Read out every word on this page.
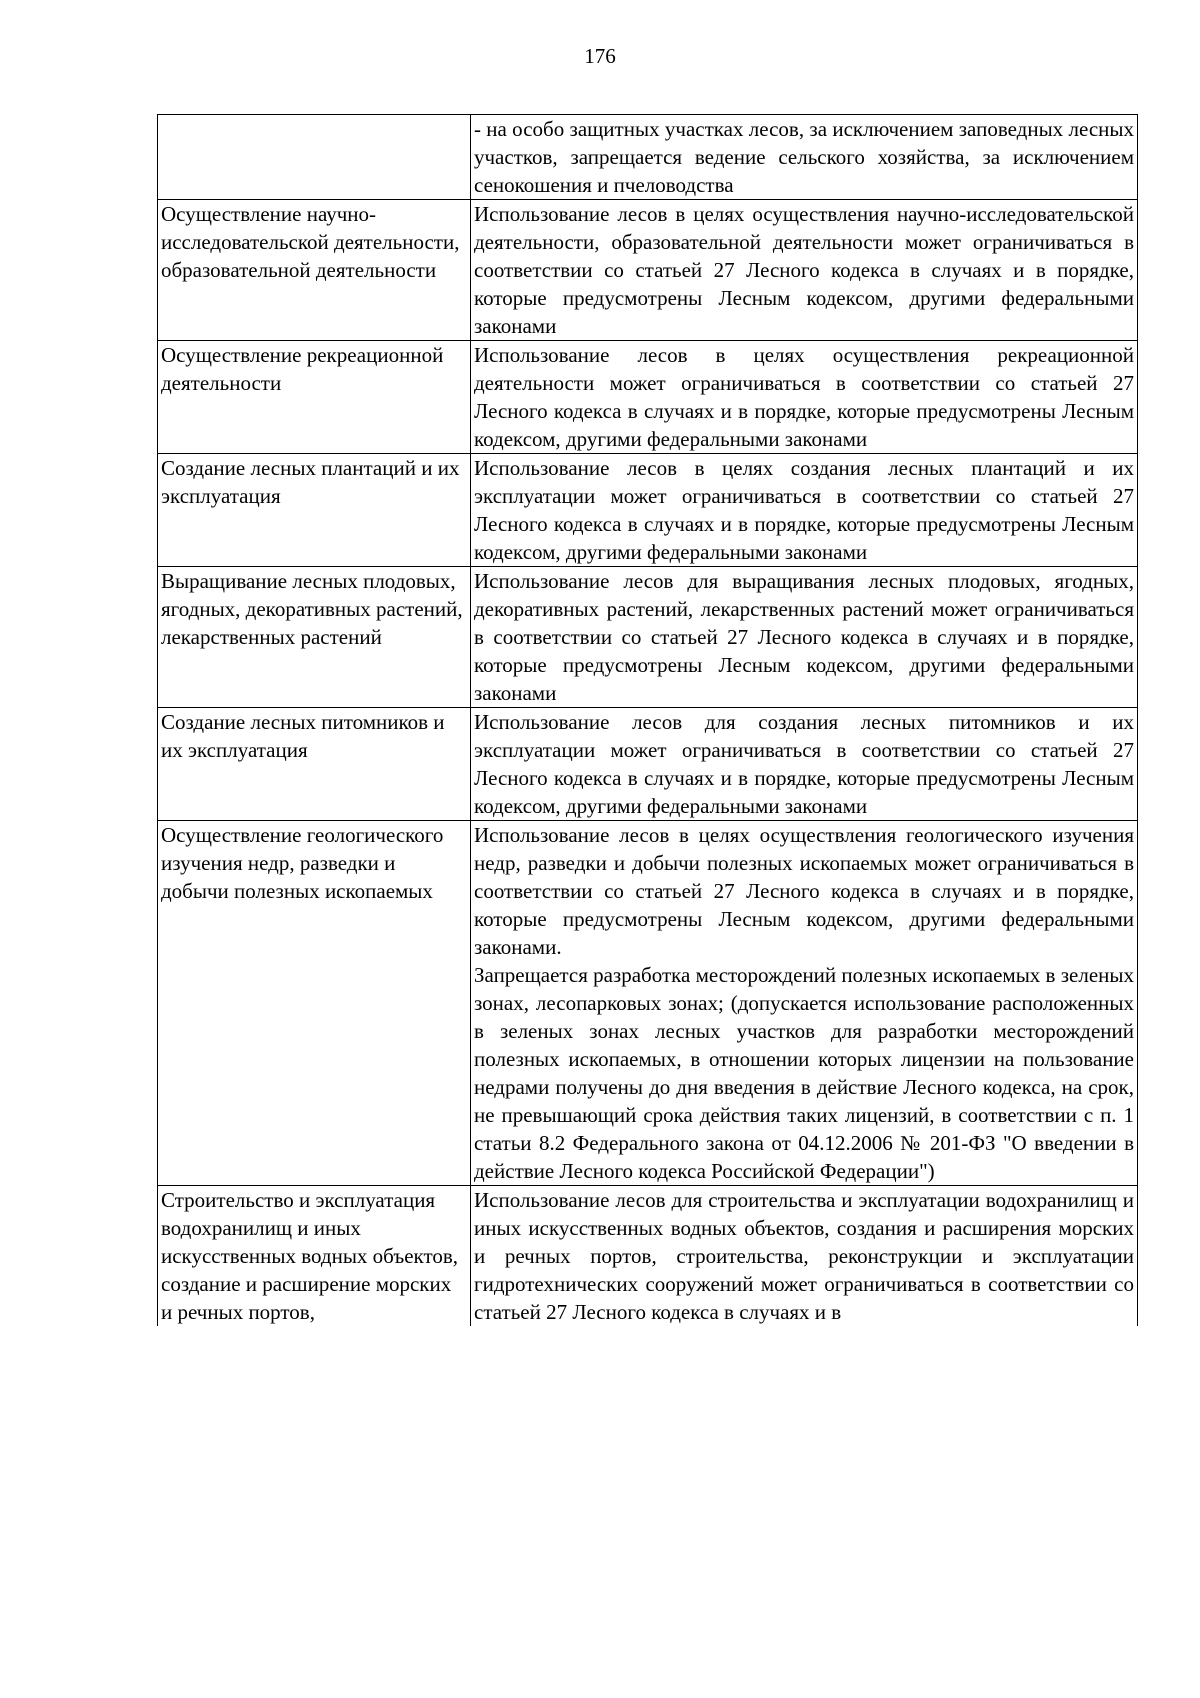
176

	- на особо защитных участках лесов, за исключением заповедных лесных участков, запрещается ведение сельского хозяйства, за исключением сенокошения и пчеловодства

Осуществление научно-исследовательской деятельности, образовательной деятельности	Использование лесов в целях осуществления научно-исследовательской деятельности, образовательной деятельности может ограничиваться в соответствии со статьей 27 Лесного кодекса в случаях и в порядке, которые предусмотрены Лесным кодексом, другими федеральными законами

Осуществление рекреационной деятельности	Использование лесов в целях осуществления рекреационной деятельности может ограничиваться в соответствии со статьей 27 Лесного кодекса в случаях и в порядке, которые предусмотрены Лесным кодексом, другими федеральными законами

Создание лесных плантаций и их эксплуатация	Использование лесов в целях создания лесных плантаций и их эксплуатации может ограничиваться в соответствии со статьей 27 Лесного кодекса в случаях и в порядке, которые предусмотрены Лесным кодексом, другими федеральными законами

Выращивание лесных плодовых, ягодных, декоративных растений, лекарственных растений	Использование лесов для выращивания лесных плодовых, ягодных, декоративных растений, лекарственных растений может ограничиваться в соответствии со статьей 27 Лесного кодекса в случаях и в порядке, которые предусмотрены Лесным кодексом, другими федеральными законами

Создание лесных питомников и их эксплуатация	Использование лесов для создания лесных питомников и их эксплуатации может ограничиваться в соответствии со статьей 27 Лесного кодекса в случаях и в порядке, которые предусмотрены Лесным кодексом, другими федеральными законами

Осуществление геологического изучения недр, разведки и добычи полезных ископаемых	Использование лесов в целях осуществления геологического изучения недр, разведки и добычи полезных ископаемых может ограничиваться в соответствии со статьей 27 Лесного кодекса в случаях и в порядке, которые предусмотрены Лесным кодексом, другими федеральными законами.

Запрещается разработка месторождений полезных ископаемых в зеленых зонах, лесопарковых зонах; (допускается использование расположенных в зеленых зонах лесных участков для разработки месторождений полезных ископаемых, в отношении которых лицензии на пользование недрами получены до дня введения в действие Лесного кодекса, на срок, не превышающий срока действия таких лицензий, в соответствии с п. 1 статьи 8.2 Федерального закона от 04.12.2006 № 201-ФЗ "О введении в действие Лесного кодекса Российской Федерации")

Строительство и эксплуатация водохранилищ и иных искусственных водных объектов, создание и расширение морских и речных портов,	Использование лесов для строительства и эксплуатации водохранилищ и иных искусственных водных объектов, создания и расширения морских и речных портов, строительства, реконструкции и эксплуатации гидротехнических сооружений может ограничиваться в соответствии со статьей 27 Лесного кодекса в случаях и в
